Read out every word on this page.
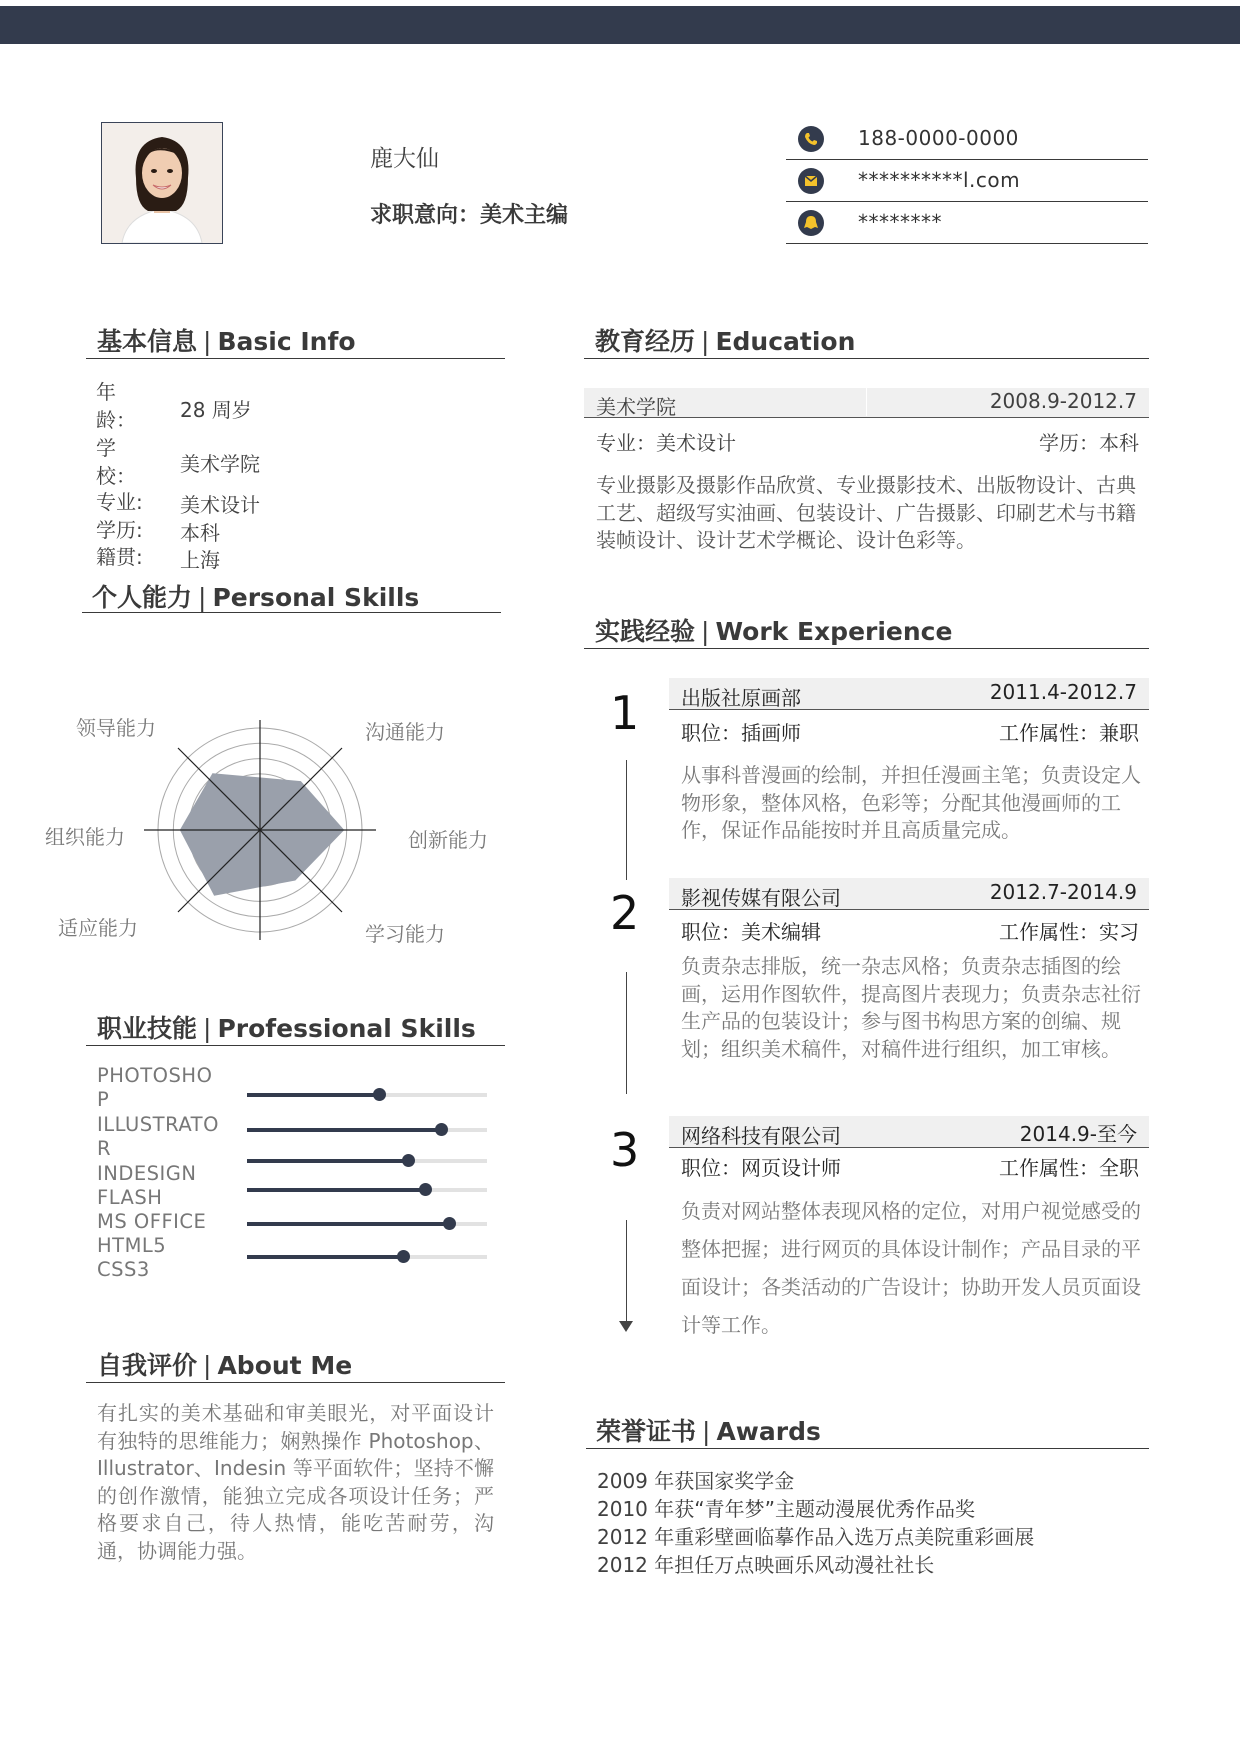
鹿大仙
求职意向：美术主编
188-0000-0000
**********l.com
********
基本信息 | Basic Info
年龄：	28 周岁
学校：	美术学院
专业:	美术设计
学历:	本科
籍贯:	上海
个人能力 | Personal Skills
领导能力	沟通能力
组织能力	创新能力
适应能力	学习能力
职业技能 | Professional Skills
PHOTOSHOP
ILLUSTRATOR
INDESIGN
FLASH
MS OFFICE
HTML5
CSS3
自我评价 | About Me
有扎实的美术基础和审美眼光，对平面设计有独特的思维能力；娴熟操作 Photoshop、Illustrator、Indesin 等平面软件；坚持不懈的创作激情，能独立完成各项设计任务；严格要求自己，待人热情，能吃苦耐劳，沟通，协调能力强。
教育经历 | Education
美术学院	2008.9-2012.7
专业：美术设计	学历：本科
专业摄影及摄影作品欣赏、专业摄影技术、出版物设计、古典工艺、超级写实油画、包装设计、广告摄影、印刷艺术与书籍装帧设计、设计艺术学概论、设计色彩等。
实践经验 | Work Experience
1 出版社原画部	2011.4-2012.7
职位：插画师	工作属性：兼职
从事科普漫画的绘制，并担任漫画主笔；负责设定人物形象，整体风格，色彩等；分配其他漫画师的工作，保证作品能按时并且高质量完成。
2 影视传媒有限公司	2012.7-2014.9
职位：美术编辑	工作属性：实习
负责杂志排版，统一杂志风格；负责杂志插图的绘画，运用作图软件，提高图片表现力；负责杂志社衍生产品的包装设计；参与图书构思方案的创编、规划；组织美术稿件，对稿件进行组织，加工审核。
3 网络科技有限公司	2014.9-至今
职位：网页设计师	工作属性：全职
负责对网站整体表现风格的定位，对用户视觉感受的整体把握；进行网页的具体设计制作；产品目录的平面设计；各类活动的广告设计；协助开发人员页面设计等工作。
荣誉证书 | Awards
2009 年获国家奖学金
2010 年获“青年梦”主题动漫展优秀作品奖
2012 年重彩壁画临摹作品入选万点美院重彩画展
2012 年担任万点映画乐风动漫社社长
